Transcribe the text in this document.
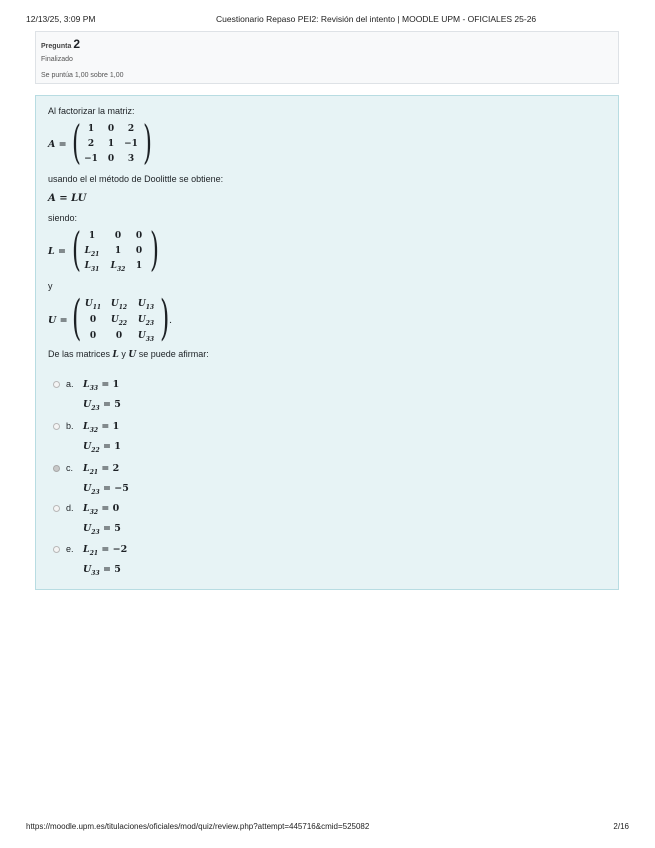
12/13/25, 3:09 PM	Cuestionario Repaso PEI2: Revisión del intento | MOODLE UPM - OFICIALES 25-26
Pregunta 2
Finalizado
Se puntúa 1,00 sobre 1,00
Al factorizar la matriz:
A = ( 1	0	2
2	1	−1
−1	0	3 )
usando el el método de Doolittle se obtiene:
A = LU
siendo:
L = ( 1	0	0
$L_{21}$	1	0
$L_{31}$	$L_{32}$	1 )
y
U = ( $U_{11}$	$U_{12}$	$U_{13}$
0	$U_{22}$	$U_{23}$
0	0	$U_{33}$ ) .
De las matrices L y U se puede afirmar:
a. $L_{33} = 1$
$U_{23} = 5$
b. $L_{32} = 1$
$U_{22} = 1$
c. $L_{21} = 2$
$U_{23} = -5$
d. $L_{32} = 0$
$U_{23} = 5$
e. $L_{21} = -2$
$U_{33} = 5$
https://moodle.upm.es/titulaciones/oficiales/mod/quiz/review.php?attempt=445716&cmid=525082	2/16
